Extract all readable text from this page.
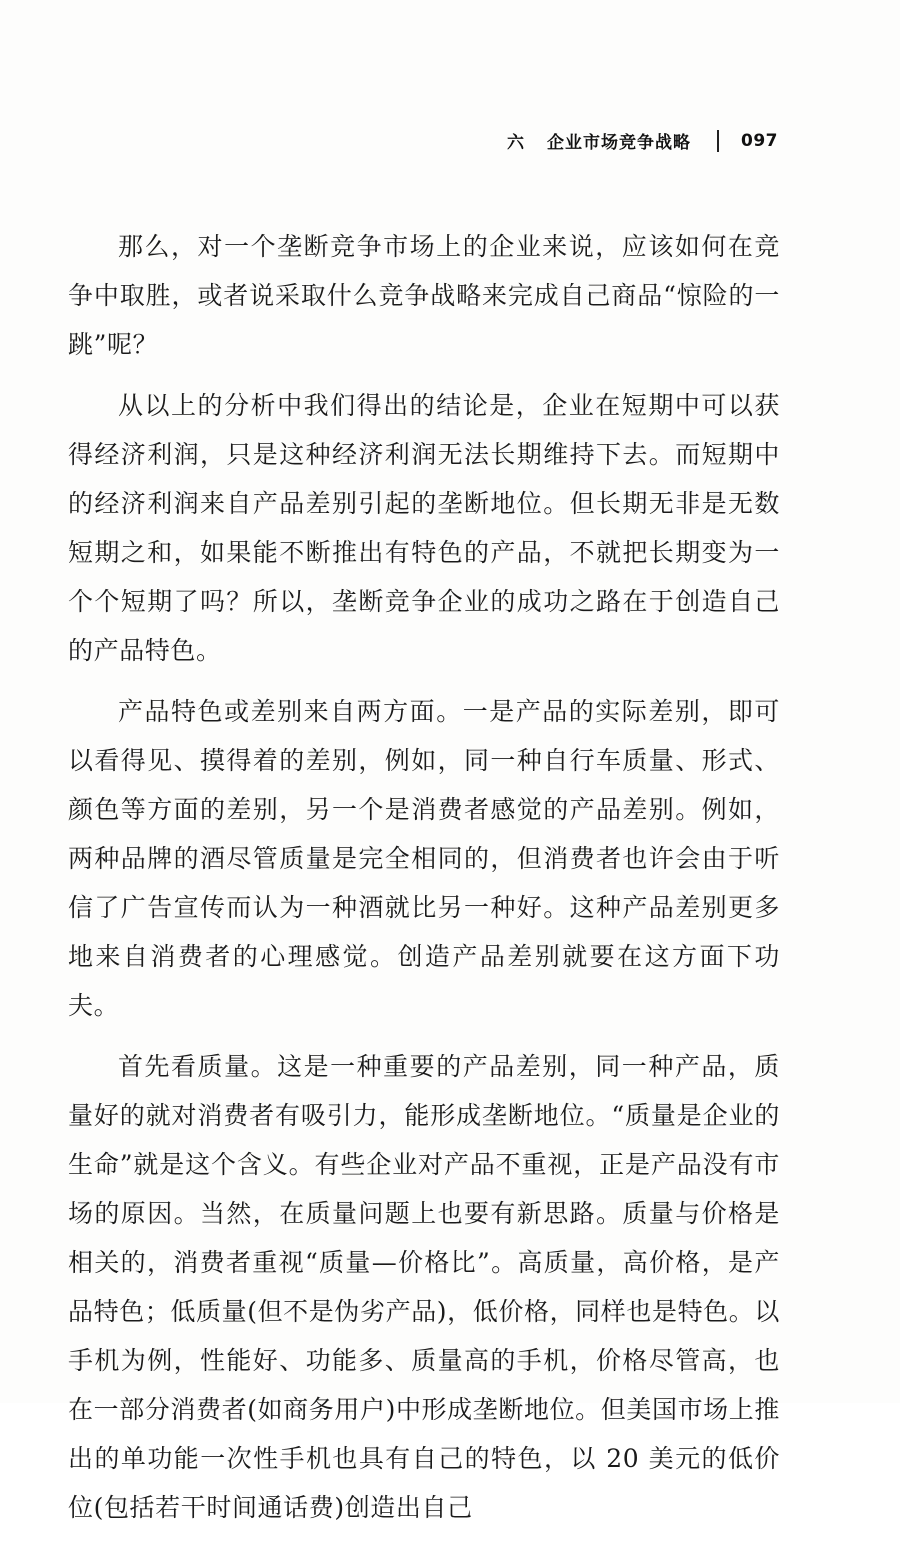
六 企业市场竞争战略	097

那么，对一个垄断竞争市场上的企业来说，应该如何在竞争中取胜，或者说采取什么竞争战略来完成自己商品“惊险的一跳”呢？

从以上的分析中我们得出的结论是，企业在短期中可以获得经济利润，只是这种经济利润无法长期维持下去。而短期中的经济利润来自产品差别引起的垄断地位。但长期无非是无数短期之和，如果能不断推出有特色的产品，不就把长期变为一个个短期了吗？所以，垄断竞争企业的成功之路在于创造自己的产品特色。

产品特色或差别来自两方面。一是产品的实际差别，即可以看得见、摸得着的差别，例如，同一种自行车质量、形式、颜色等方面的差别，另一个是消费者感觉的产品差别。例如，两种品牌的酒尽管质量是完全相同的，但消费者也许会由于听信了广告宣传而认为一种酒就比另一种好。这种产品差别更多地来自消费者的心理感觉。创造产品差别就要在这方面下功夫。

首先看质量。这是一种重要的产品差别，同一种产品，质量好的就对消费者有吸引力，能形成垄断地位。“质量是企业的生命”就是这个含义。有些企业对产品不重视，正是产品没有市场的原因。当然，在质量问题上也要有新思路。质量与价格是相关的，消费者重视“质量—价格比”。高质量，高价格，是产品特色；低质量(但不是伪劣产品)，低价格，同样也是特色。以手机为例，性能好、功能多、质量高的手机，价格尽管高，也在一部分消费者(如商务用户)中形成垄断地位。但美国市场上推出的单功能一次性手机也具有自己的特色，以 20 美元的低价位(包括若干时间通话费)创造出自己
